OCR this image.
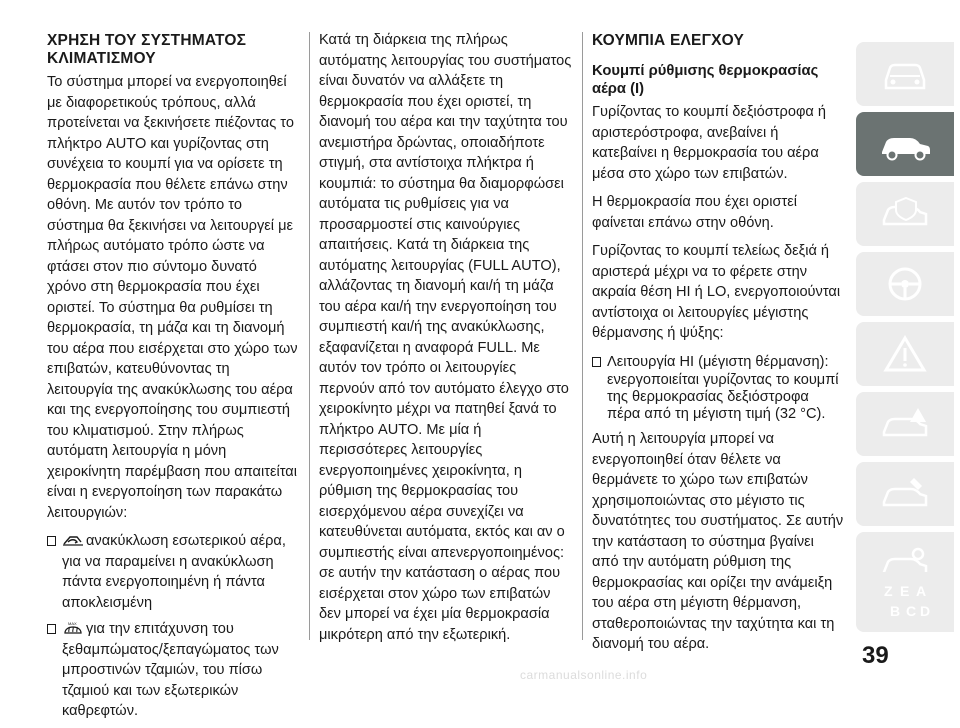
ΧΡΗΣΗ ΤΟΥ ΣΥΣΤΗΜΑΤΟΣ ΚΛΙΜΑΤΙΣΜΟΥ

Το σύστημα μπορεί να ενεργοποιηθεί με διαφορετικούς τρόπους, αλλά προτείνεται να ξεκινήσετε πιέζοντας το πλήκτρο AUTO και γυρίζοντας στη συνέχεια το κουμπί για να ορίσετε τη θερμοκρασία που θέλετε επάνω στην οθόνη. Με αυτόν τον τρόπο το σύστημα θα ξεκινήσει να λειτουργεί με πλήρως αυτόματο τρόπο ώστε να φτάσει στον πιο σύντομο δυνατό χρόνο στη θερμοκρασία που έχει οριστεί. Το σύστημα θα ρυθμίσει τη θερμοκρασία, τη μάζα και τη διανομή του αέρα που εισέρχεται στο χώρο των επιβατών, κατευθύνοντας τη λειτουργία της ανακύκλωσης του αέρα και της ενεργοποίησης του συμπιεστή του κλιματισμού. Στην πλήρως αυτόματη λειτουργία η μόνη χειροκίνητη παρέμβαση που απαιτείται είναι η ενεργοποίηση των παρακάτω λειτουργιών:

ανακύκλωση εσωτερικού αέρα, για να παραμείνει η ανακύκλωση πάντα ενεργοποιημένη ή πάντα αποκλεισμένη
MAX για την επιτάχυνση του ξεθαμπώματος/ξεπαγώματος των μπροστινών τζαμιών, του πίσω τζαμιού και των εξωτερικών καθρεφτών.

Κατά τη διάρκεια της πλήρως αυτόματης λειτουργίας του συστήματος είναι δυνατόν να αλλάξετε τη θερμοκρασία που έχει οριστεί, τη διανομή του αέρα και την ταχύτητα του ανεμιστήρα δρώντας, οποιαδήποτε στιγμή, στα αντίστοιχα πλήκτρα ή κουμπιά: το σύστημα θα διαμορφώσει αυτόματα τις ρυθμίσεις για να προσαρμοστεί στις καινούργιες απαιτήσεις. Κατά τη διάρκεια της αυτόματης λειτουργίας (FULL AUTO), αλλάζοντας τη διανομή και/ή τη μάζα του αέρα και/ή την ενεργοποίηση του συμπιεστή και/ή της ανακύκλωσης, εξαφανίζεται η αναφορά FULL. Με αυτόν τον τρόπο οι λειτουργίες περνούν από τον αυτόματο έλεγχο στο χειροκίνητο μέχρι να πατηθεί ξανά το πλήκτρο AUTO. Με μία ή περισσότερες λειτουργίες ενεργοποιημένες χειροκίνητα, η ρύθμιση της θερμοκρασίας του εισερχόμενου αέρα συνεχίζει να κατευθύνεται αυτόματα, εκτός και αν ο συμπιεστής είναι απενεργοποιημένος: σε αυτήν την κατάσταση ο αέρας που εισέρχεται στον χώρο των επιβατών δεν μπορεί να έχει μία θερμοκρασία μικρότερη από την εξωτερική.

ΚΟΥΜΠΙΑ ΕΛΕΓΧΟΥ
Κουμπί ρύθμισης θερμοκρασίας αέρα (I)

Γυρίζοντας το κουμπί δεξιόστροφα ή αριστερόστροφα, ανεβαίνει ή κατεβαίνει η θερμοκρασία του αέρα μέσα στο χώρο των επιβατών.

Η θερμοκρασία που έχει οριστεί φαίνεται επάνω στην οθόνη.

Γυρίζοντας το κουμπί τελείως δεξιά ή αριστερά μέχρι να το φέρετε στην ακραία θέση HI ή LO, ενεργοποιούνται αντίστοιχα οι λειτουργίες μέγιστης θέρμανσης ή ψύξης:

Λειτουργία HI (μέγιστη θέρμανση):
ενεργοποιείται γυρίζοντας το κουμπί της θερμοκρασίας δεξιόστροφα πέρα από τη μέγιστη τιμή (32 °C).

Αυτή η λειτουργία μπορεί να ενεργοποιηθεί όταν θέλετε να θερμάνετε το χώρο των επιβατών χρησιμοποιώντας στο μέγιστο τις δυνατότητες του συστήματος. Σε αυτήν την κατάσταση το σύστημα βγαίνει από την αυτόματη ρύθμιση της θερμοκρασίας και ορίζει την ανάμειξη του αέρα στη μέγιστη θέρμανση, σταθεροποιώντας την ταχύτητα και τη διανομή του αέρα.

Z E A
B C D
39
carmanualsonline.info
